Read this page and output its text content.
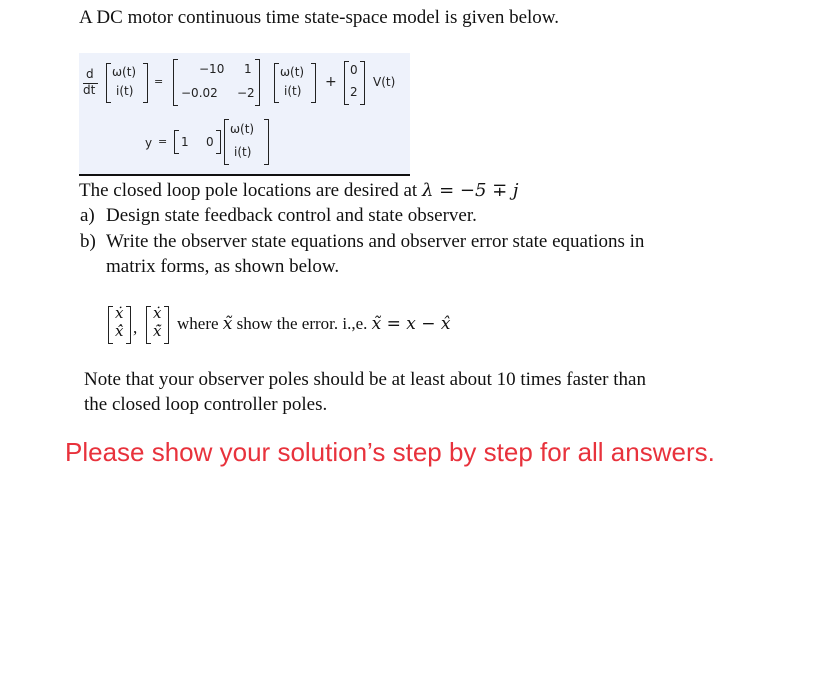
A DC motor continuous time state-space model is given below.
d
dt
ω(t)
i(t)
=
−10 1
−0.02 −2
ω(t)
i(t)
+
0
2
V(t)
y = 1 0
ω(t)
i(t)
The closed loop pole locations are desired at λ = −5 ∓ j
a) Design state feedback control and state observer.
b) Write the observer state equations and observer error state equations in
matrix forms, as shown below.
ẋ
x̂̇ ,
ẋ
x̃̇ where x̃ show the error. i.,e. x̃ = x − x̂
Note that your observer poles should be at least about 10 times faster than
the closed loop controller poles.
Please show your solution’s step by step for all answers.
